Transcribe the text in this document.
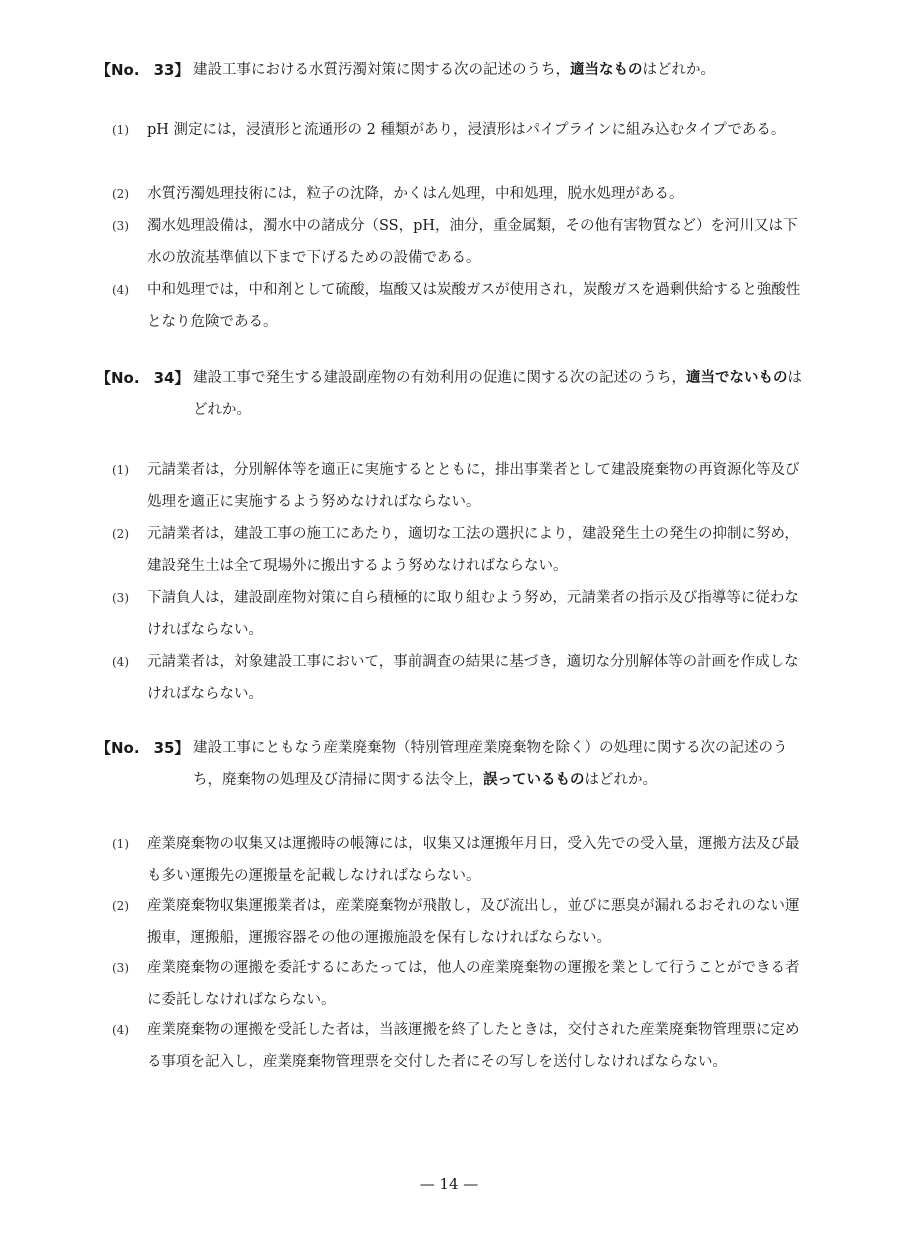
【No. 33】 建設工事における水質汚濁対策に関する次の記述のうち，適当なものはどれか。
(1) pH 測定には，浸漬形と流通形の 2 種類があり，浸漬形はパイプラインに組み込むタイプである。
(2) 水質汚濁処理技術には，粒子の沈降，かくはん処理，中和処理，脱水処理がある。
(3) 濁水処理設備は，濁水中の諸成分（SS，pH，油分，重金属類，その他有害物質など）を河川又は下水の放流基準値以下まで下げるための設備である。
(4) 中和処理では，中和剤として硫酸，塩酸又は炭酸ガスが使用され，炭酸ガスを過剰供給すると強酸性となり危険である。
【No. 34】 建設工事で発生する建設副産物の有効利用の促進に関する次の記述のうち，適当でないものはどれか。
(1) 元請業者は，分別解体等を適正に実施するとともに，排出事業者として建設廃棄物の再資源化等及び処理を適正に実施するよう努めなければならない。
(2) 元請業者は，建設工事の施工にあたり，適切な工法の選択により，建設発生土の発生の抑制に努め，建設発生土は全て現場外に搬出するよう努めなければならない。
(3) 下請負人は，建設副産物対策に自ら積極的に取り組むよう努め，元請業者の指示及び指導等に従わなければならない。
(4) 元請業者は，対象建設工事において，事前調査の結果に基づき，適切な分別解体等の計画を作成しなければならない。
【No. 35】 建設工事にともなう産業廃棄物（特別管理産業廃棄物を除く）の処理に関する次の記述のうち，廃棄物の処理及び清掃に関する法令上，誤っているものはどれか。
(1) 産業廃棄物の収集又は運搬時の帳簿には，収集又は運搬年月日，受入先での受入量，運搬方法及び最も多い運搬先の運搬量を記載しなければならない。
(2) 産業廃棄物収集運搬業者は，産業廃棄物が飛散し，及び流出し，並びに悪臭が漏れるおそれのない運搬車，運搬船，運搬容器その他の運搬施設を保有しなければならない。
(3) 産業廃棄物の運搬を委託するにあたっては，他人の産業廃棄物の運搬を業として行うことができる者に委託しなければならない。
(4) 産業廃棄物の運搬を受託した者は，当該運搬を終了したときは，交付された産業廃棄物管理票に定める事項を記入し，産業廃棄物管理票を交付した者にその写しを送付しなければならない。
— 14 —
